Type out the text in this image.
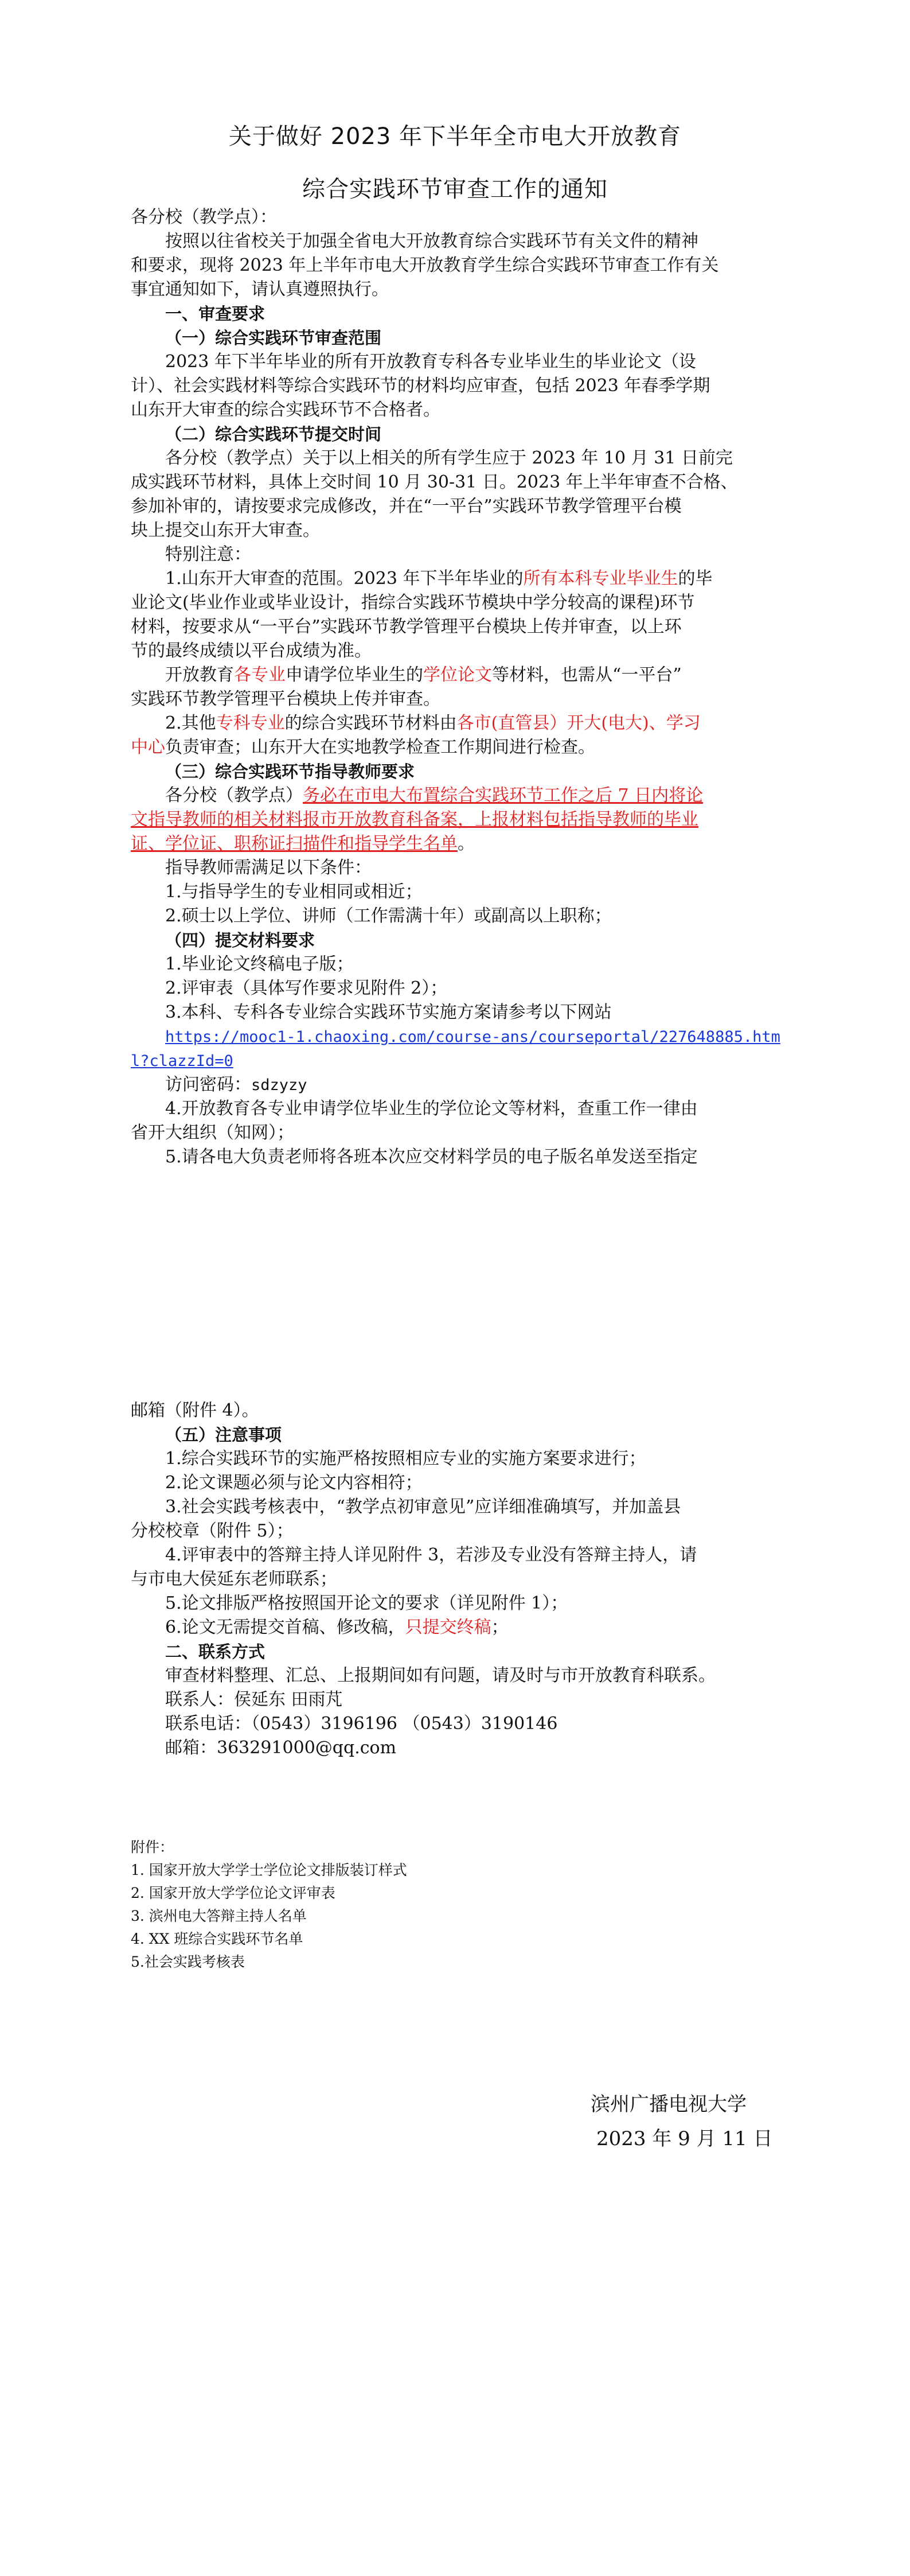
关于做好 2023 年下半年全市电大开放教育
综合实践环节审查工作的通知
各分校（教学点）：
按照以往省校关于加强全省电大开放教育综合实践环节有关文件的精神
和要求，现将 2023 年上半年市电大开放教育学生综合实践环节审查工作有关
事宜通知如下，请认真遵照执行。
一、审查要求
（一）综合实践环节审查范围
2023 年下半年毕业的所有开放教育专科各专业毕业生的毕业论文（设
计）、社会实践材料等综合实践环节的材料均应审查，包括 2023 年春季学期
山东开大审查的综合实践环节不合格者。
（二）综合实践环节提交时间
各分校（教学点）关于以上相关的所有学生应于 2023 年 10 月 31 日前完
成实践环节材料，具体上交时间 10 月 30-31 日。2023 年上半年审查不合格、
参加补审的，请按要求完成修改，并在“一平台”实践环节教学管理平台模
块上提交山东开大审查。
特别注意：
1.山东开大审查的范围。2023 年下半年毕业的所有本科专业毕业生的毕
业论文(毕业作业或毕业设计，指综合实践环节模块中学分较高的课程)环节
材料，按要求从“一平台”实践环节教学管理平台模块上传并审查，以上环
节的最终成绩以平台成绩为准。
开放教育各专业申请学位毕业生的学位论文等材料，也需从“一平台”
实践环节教学管理平台模块上传并审查。
2.其他专科专业的综合实践环节材料由各市(直管县）开大(电大)、学习
中心负责审查；山东开大在实地教学检查工作期间进行检查。
（三）综合实践环节指导教师要求
各分校（教学点）务必在市电大布置综合实践环节工作之后 7 日内将论
文指导教师的相关材料报市开放教育科备案，上报材料包括指导教师的毕业
证、学位证、职称证扫描件和指导学生名单。
指导教师需满足以下条件：
1.与指导学生的专业相同或相近；
2.硕士以上学位、讲师（工作需满十年）或副高以上职称；
（四）提交材料要求
1.毕业论文终稿电子版；
2.评审表（具体写作要求见附件 2）；
3.本科、专科各专业综合实践环节实施方案请参考以下网站
https://mooc1-1.chaoxing.com/course-ans/courseportal/227648885.htm
l?clazzId=0
访问密码：sdzyzy
4.开放教育各专业申请学位毕业生的学位论文等材料，查重工作一律由
省开大组织（知网）；
5.请各电大负责老师将各班本次应交材料学员的电子版名单发送至指定
邮箱（附件 4）。
（五）注意事项
1.综合实践环节的实施严格按照相应专业的实施方案要求进行；
2.论文课题必须与论文内容相符；
3.社会实践考核表中，“教学点初审意见”应详细准确填写，并加盖县
分校校章（附件 5）；
4.评审表中的答辩主持人详见附件 3，若涉及专业没有答辩主持人，请
与市电大侯延东老师联系；
5.论文排版严格按照国开论文的要求（详见附件 1）；
6.论文无需提交首稿、修改稿，只提交终稿；
二、联系方式
审查材料整理、汇总、上报期间如有问题，请及时与市开放教育科联系。
联系人：侯延东 田雨芃
联系电话：（0543）3196196 （0543）3190146
邮箱：363291000@qq.com
附件：
1. 国家开放大学学士学位论文排版装订样式
2. 国家开放大学学位论文评审表
3. 滨州电大答辩主持人名单
4. XX 班综合实践环节名单
5.社会实践考核表
滨州广播电视大学
2023 年 9 月 11 日
